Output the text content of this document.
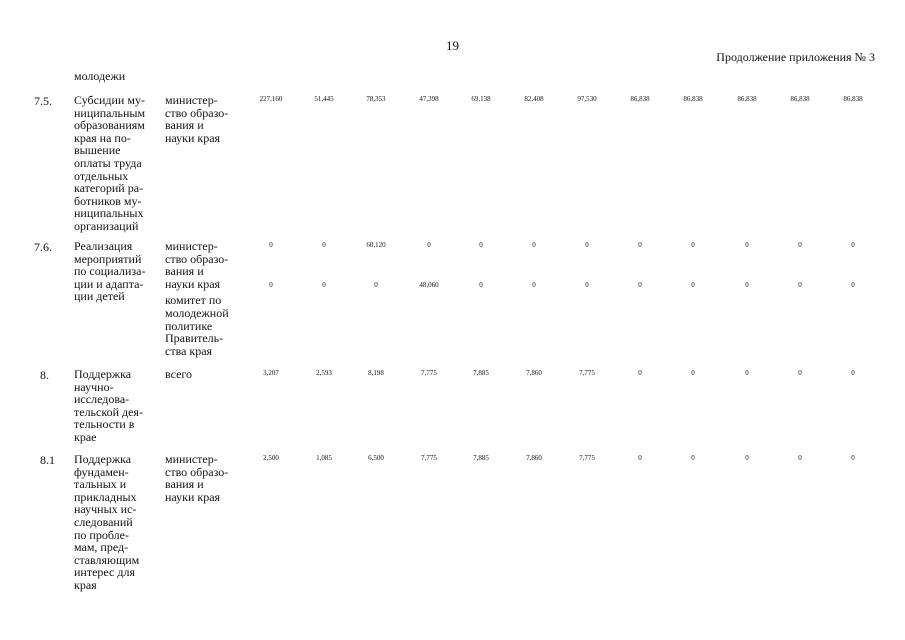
19
Продолжение приложения № 3
молодежи
7.5. Субсидии му-
ниципальным
образованиям
края на по-
вышение
оплаты труда
отдельных
категорий ра-
ботников му-
ниципальных
организаций
министер-
ство образо-
вания и
науки края
227,160	51,445	78,353	47,398	69,138	82,408	97,530	86,838	86,838	86,838	86,838	86,838
7.6. Реализация
мероприятий
по социализа-
ции и адапта-
ции детей
министер-
ство образо-
вания и
науки края
комитет по
молодежной
политике
Правитель-
ства края
0	0	60,120	0	0	0	0	0	0	0	0	0
0	0	0	48,060	0	0	0	0	0	0	0	0
8. Поддержка
научно-
исследова-
тельской дея-
тельности в
крае
всего	3,207	2,593	8,198	7,775	7,885	7,860	7,775	0	0	0	0	0
8.1 Поддержка
фундамен-
тальных и
прикладных
научных ис-
следований
по пробле-
мам, пред-
ставляющим
интерес для
края
министер-
ство образо-
вания и
науки края
2,500	1,085	6,500	7,775	7,885	7,860	7,775	0	0	0	0	0
